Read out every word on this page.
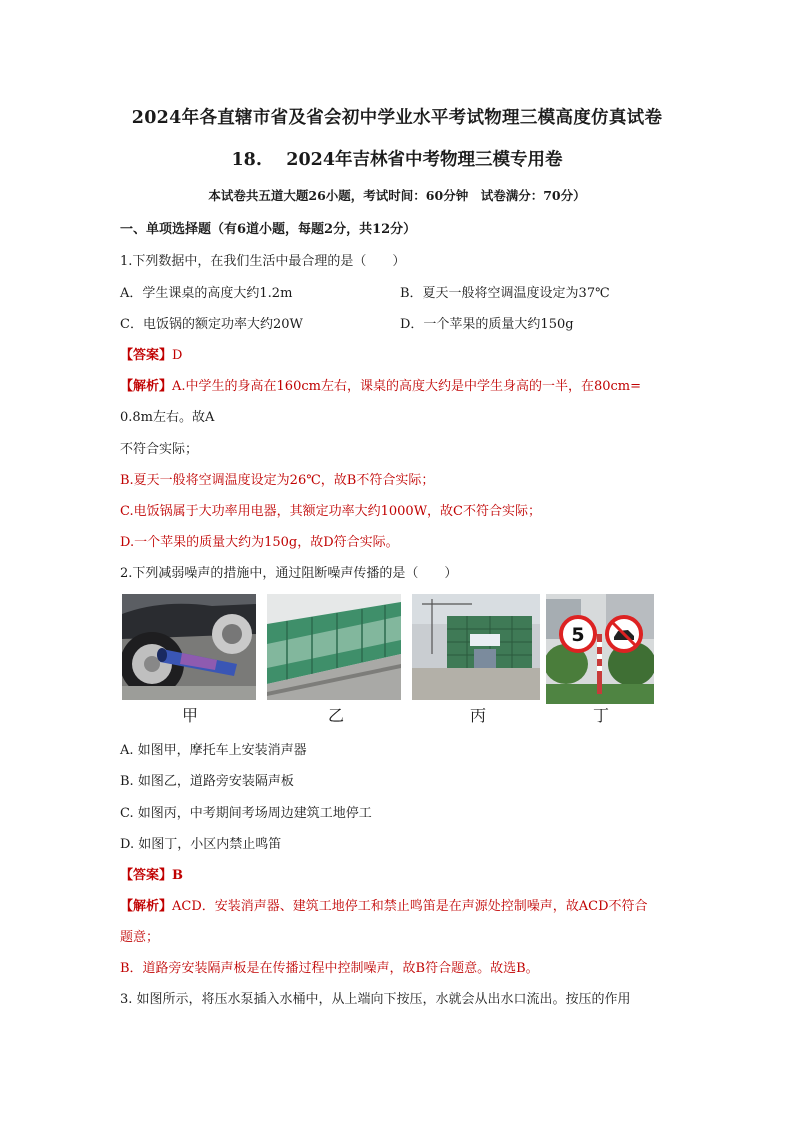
2024年各直辖市省及省会初中学业水平考试物理三模高度仿真试卷
18. 2024年吉林省中考物理三模专用卷
本试卷共五道大题26小题，考试时间：60分钟　试卷满分：70分）
一、单项选择题（有6道小题，每题2分，共12分）
1.下列数据中，在我们生活中最合理的是（　　）
A．学生课桌的高度大约1.2m	B．夏天一般将空调温度设定为37℃
C．电饭锅的额定功率大约20W	D．一个苹果的质量大约150g
【答案】D
【解析】A.中学生的身高在160cm左右，课桌的高度大约是中学生身高的一半，在80cm=
0.8m左右。故A
不符合实际；
B.夏天一般将空调温度设定为26℃，故B不符合实际；
C.电饭锅属于大功率用电器，其额定功率大约1000W，故C不符合实际；
D.一个苹果的质量大约为150g，故D符合实际。
2.下列减弱噪声的措施中，通过阻断噪声传播的是（　　）
甲	乙	丙
5
丁
A. 如图甲，摩托车上安装消声器
B. 如图乙，道路旁安装隔声板
C. 如图丙，中考期间考场周边建筑工地停工
D. 如图丁，小区内禁止鸣笛
【答案】B
【解析】ACD．安装消声器、建筑工地停工和禁止鸣笛是在声源处控制噪声，故ACD不符合
题意；
B．道路旁安装隔声板是在传播过程中控制噪声，故B符合题意。故选B。
3. 如图所示，将压水泵插入水桶中，从上端向下按压，水就会从出水口流出。按压的作用
